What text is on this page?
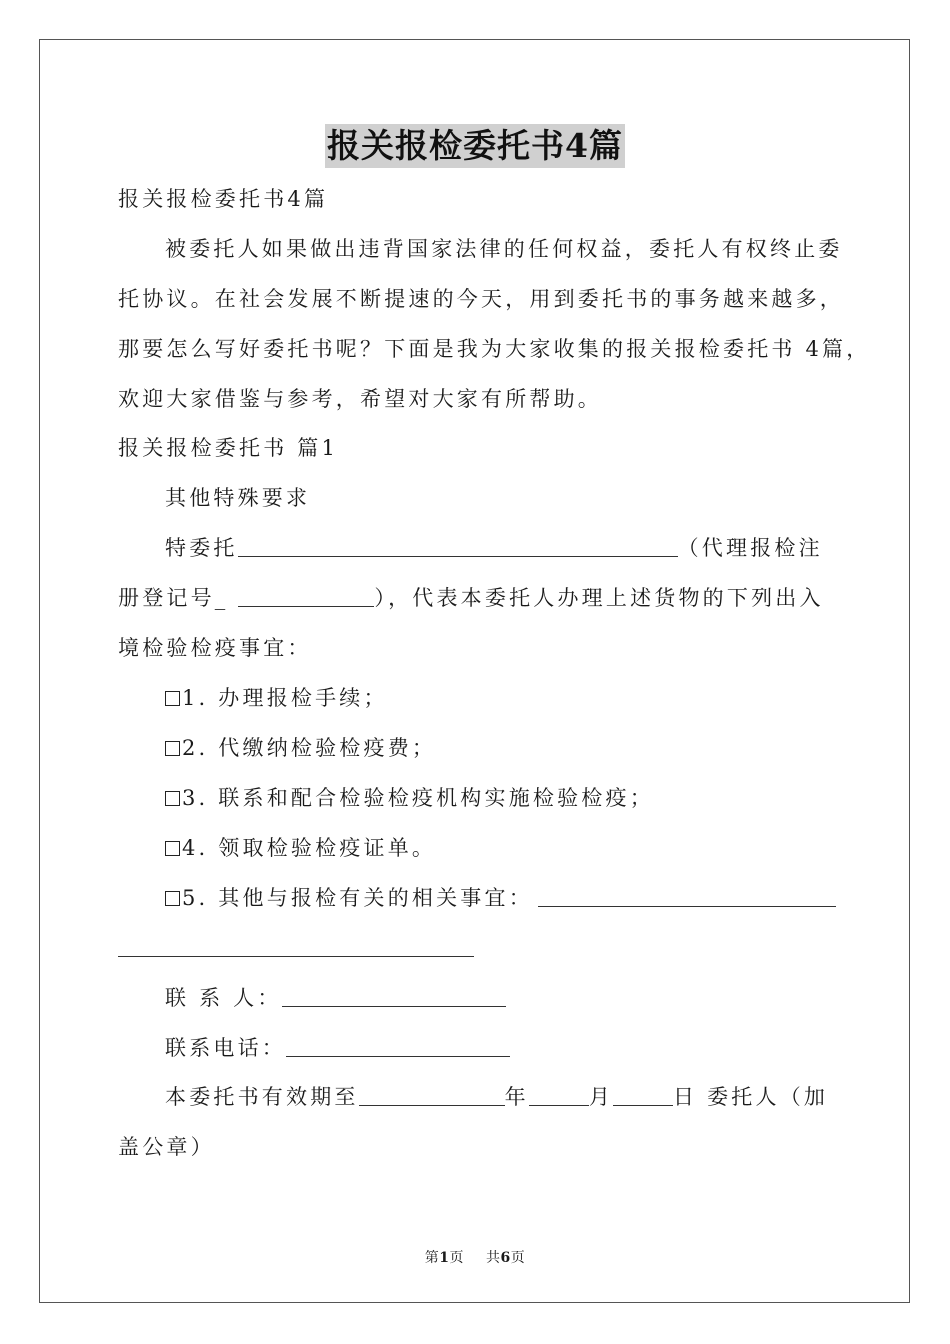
报关报检委托书4篇
报关报检委托书4篇
被委托人如果做出违背国家法律的任何权益，委托人有权终止委
托协议。在社会发展不断提速的今天，用到委托书的事务越来越多，
那要怎么写好委托书呢？下面是我为大家收集的报关报检委托书 4篇，
欢迎大家借鉴与参考，希望对大家有所帮助。
报关报检委托书 篇1
其他特殊要求
特委托	（代理报检注
册登记号_	），代表本委托人办理上述货物的下列出入
境检验检疫事宜：
1. 办理报检手续；
2. 代缴纳检验检疫费；
3. 联系和配合检验检疫机构实施检验检疫；
4. 领取检验检疫证单。
5. 其他与报检有关的相关事宜：
联 系 人：
联系电话：
本委托书有效期至	年	月	日 委托人（加
盖公章）
第1页 共6页
